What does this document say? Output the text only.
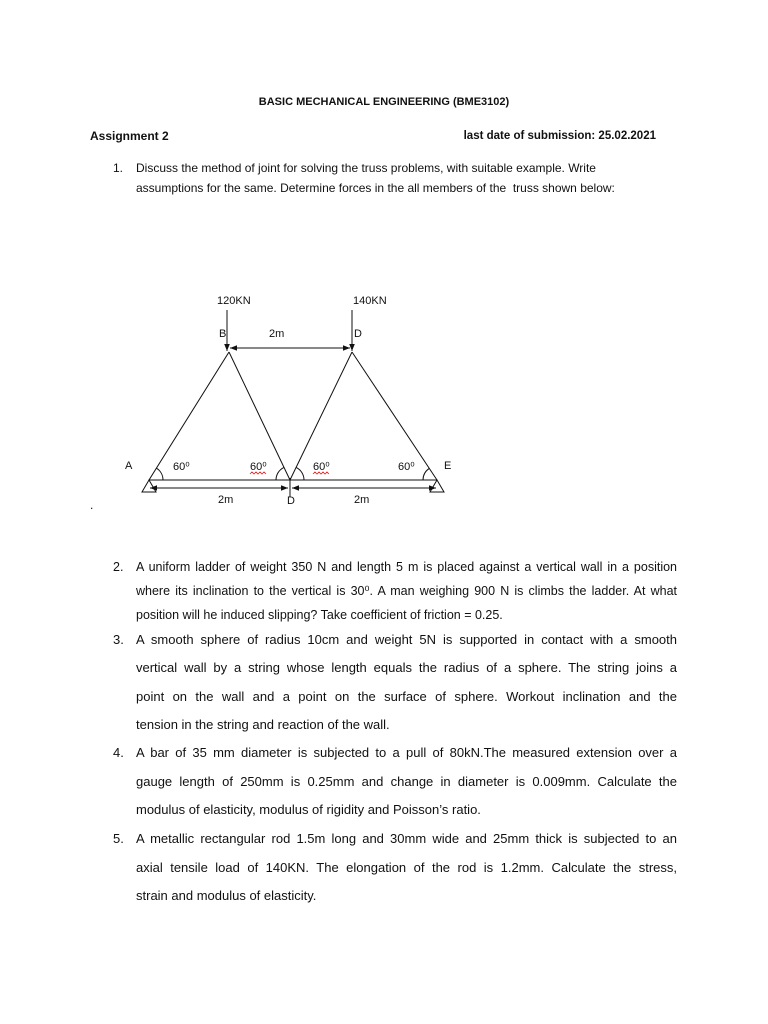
BASIC MECHANICAL ENGINEERING (BME3102)
Assignment 2	last date of submission: 25.02.2021
1. Discuss the method of joint for solving the truss problems, with suitable example. Write
assumptions for the same. Determine forces in the all members of the  truss shown below:
120KN	140KN
B	D
2m
A	E
60⁰	60⁰	60⁰	60⁰
2m	D	2m
.
2. A uniform ladder of weight 350 N and length 5 m is placed against a vertical wall in a position
where its inclination to the vertical is 30⁰. A man weighing 900 N is climbs the ladder. At what
position will he induced slipping? Take coefficient of friction = 0.25.
3. A smooth sphere of radius 10cm and weight 5N is supported in contact with a smooth
vertical wall by a string whose length equals the radius of a sphere. The string joins a
point on the wall and a point on the surface of sphere. Workout inclination and the
tension in the string and reaction of the wall.
4. A bar of 35 mm diameter is subjected to a pull of 80kN.The measured extension over a
gauge length of 250mm is 0.25mm and change in diameter is 0.009mm. Calculate the
modulus of elasticity, modulus of rigidity and Poisson’s ratio.
5. A metallic rectangular rod 1.5m long and 30mm wide and 25mm thick is subjected to an
axial tensile load of 140KN. The elongation of the rod is 1.2mm. Calculate the stress,
strain and modulus of elasticity.
